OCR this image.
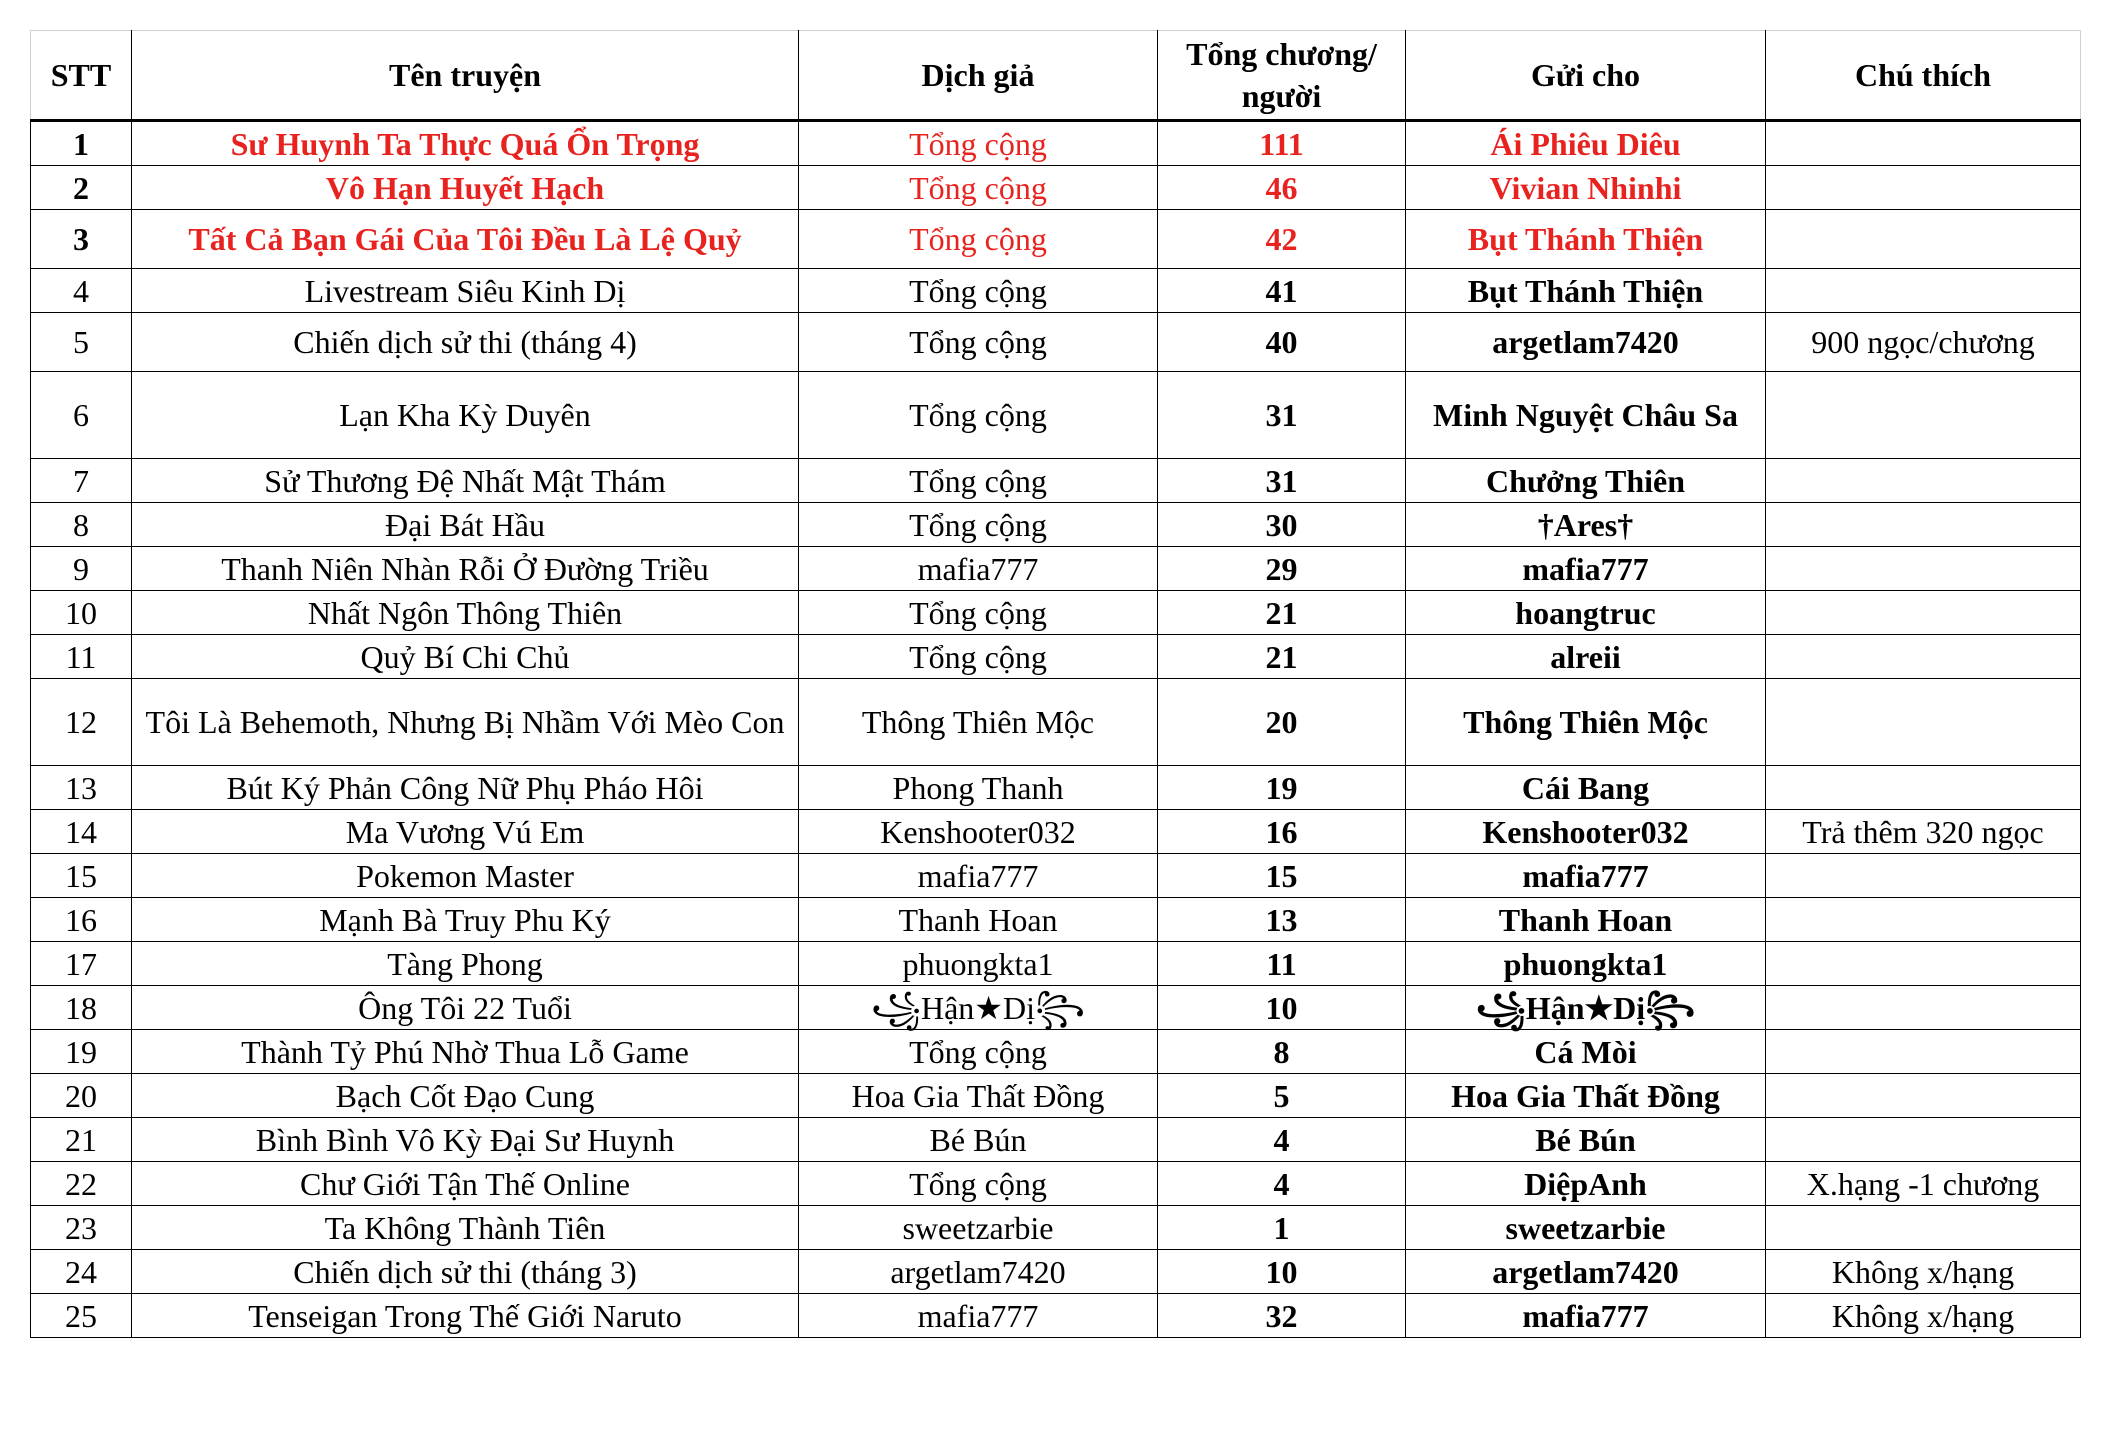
STT	Tên truyện	Dịch giả	Tổng chương/ người	Gửi cho	Chú thích
1	Sư Huynh Ta Thực Quá Ổn Trọng	Tổng cộng	111	Ái Phiêu Diêu	
2	Vô Hạn Huyết Hạch	Tổng cộng	46	Vivian Nhinhi	
3	Tất Cả Bạn Gái Của Tôi Đều Là Lệ Quỷ	Tổng cộng	42	Bụt Thánh Thiện	
4	Livestream Siêu Kinh Dị	Tổng cộng	41	Bụt Thánh Thiện	
5	Chiến dịch sử thi (tháng 4)	Tổng cộng	40	argetlam7420	900 ngọc/chương
6	Lạn Kha Kỳ Duyên	Tổng cộng	31	Minh Nguyệt Châu Sa	
7	Sử Thương Đệ Nhất Mật Thám	Tổng cộng	31	Chưởng Thiên	
8	Đại Bát Hầu	Tổng cộng	30	†Ares†	
9	Thanh Niên Nhàn Rỗi Ở Đường Triều	mafia777	29	mafia777	
10	Nhất Ngôn Thông Thiên	Tổng cộng	21	hoangtruc	
11	Quỷ Bí Chi Chủ	Tổng cộng	21	alreii	
12	Tôi Là Behemoth, Nhưng Bị Nhầm Với Mèo Con	Thông Thiên Mộc	20	Thông Thiên Mộc	
13	Bút Ký Phản Công Nữ Phụ Pháo Hôi	Phong Thanh	19	Cái Bang	
14	Ma Vương Vú Em	Kenshooter032	16	Kenshooter032	Trả thêm 320 ngọc
15	Pokemon Master	mafia777	15	mafia777	
16	Mạnh Bà Truy Phu Ký	Thanh Hoan	13	Thanh Hoan	
17	Tàng Phong	phuongkta1	11	phuongkta1	
18	Ông Tôi 22 Tuổi	꧁Hận★Dị꧂	10	꧁Hận★Dị꧂	
19	Thành Tỷ Phú Nhờ Thua Lỗ Game	Tổng cộng	8	Cá Mòi	
20	Bạch Cốt Đạo Cung	Hoa Gia Thất Đồng	5	Hoa Gia Thất Đồng	
21	Bình Bình Vô Kỳ Đại Sư Huynh	Bé Bún	4	Bé Bún	
22	Chư Giới Tận Thế Online	Tổng cộng	4	DiệpAnh	X.hạng -1 chương
23	Ta Không Thành Tiên	sweetzarbie	1	sweetzarbie	
24	Chiến dịch sử thi (tháng 3)	argetlam7420	10	argetlam7420	Không x/hạng
25	Tenseigan Trong Thế Giới Naruto	mafia777	32	mafia777	Không x/hạng
